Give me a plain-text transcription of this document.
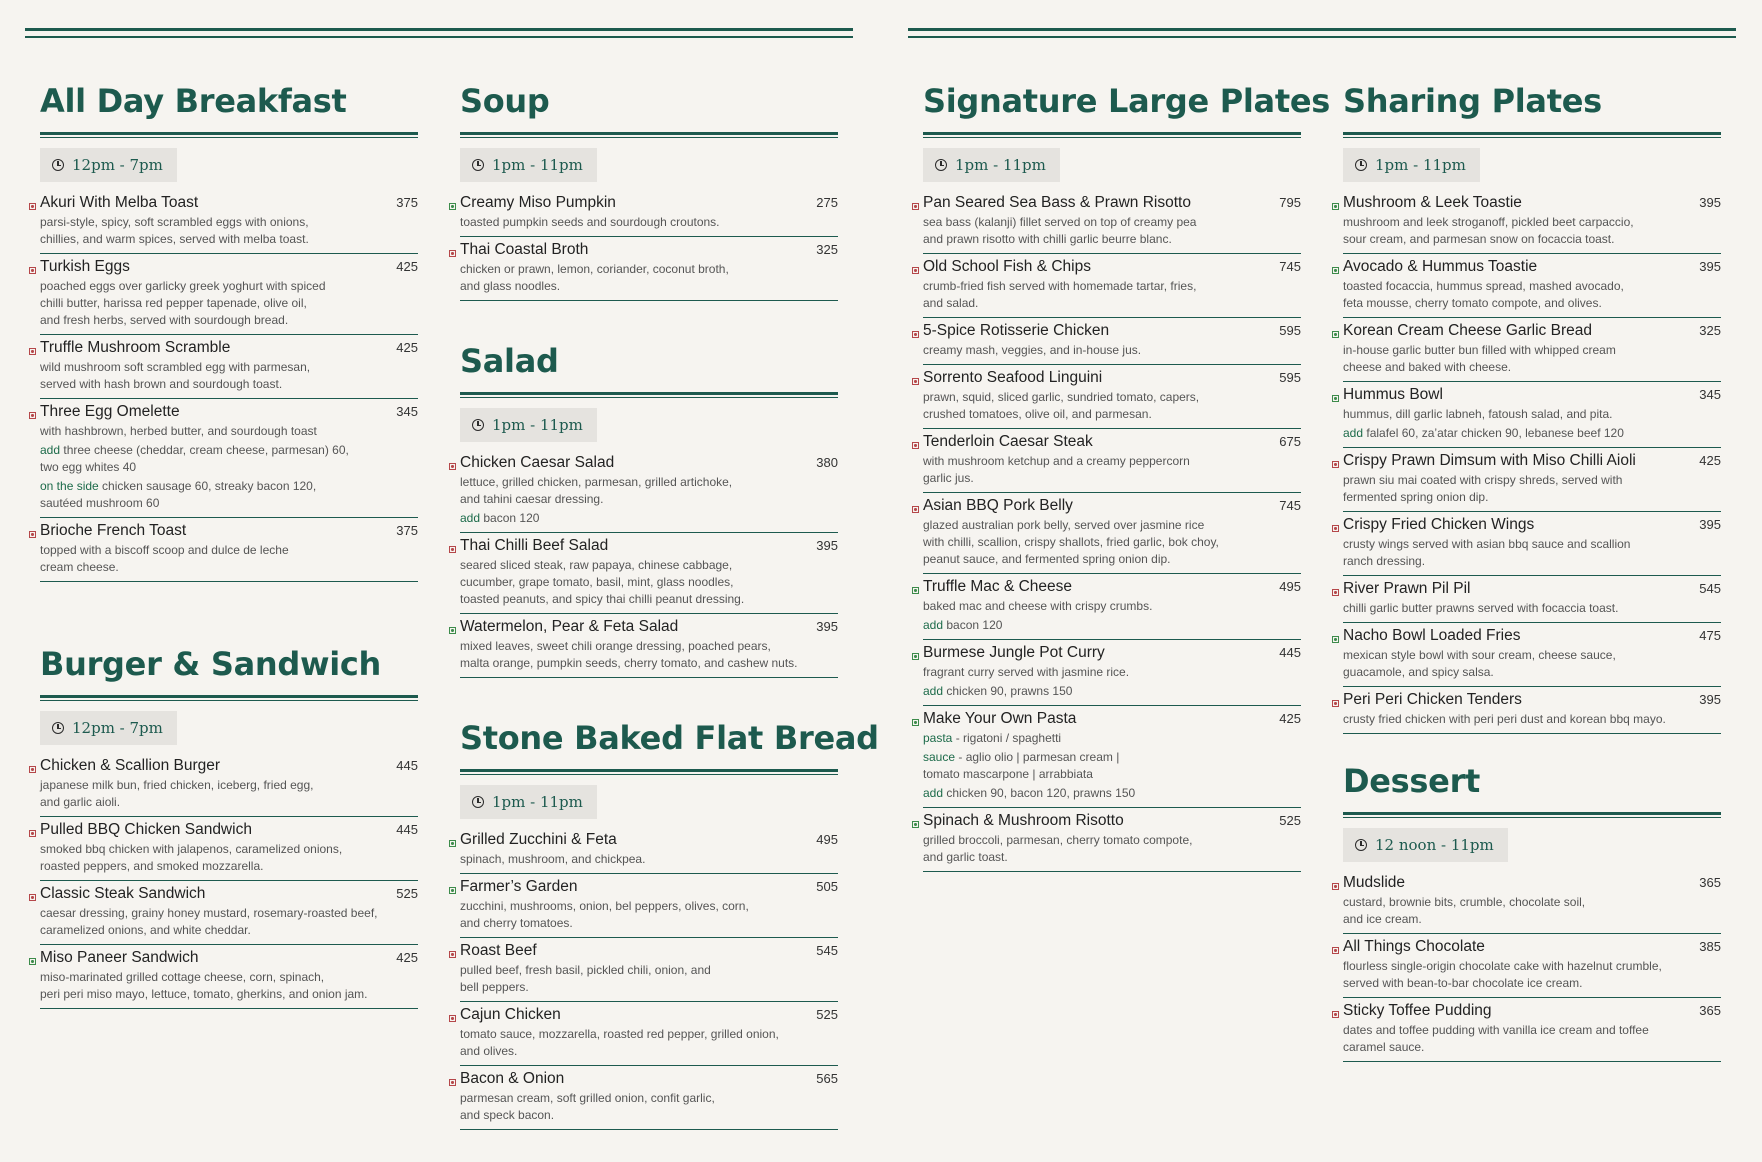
All Day Breakfast
12pm - 7pm
Akuri With Melba Toast	375
parsi-style, spicy, soft scrambled eggs with onions,
chillies, and warm spices, served with melba toast.
Turkish Eggs	425
poached eggs over garlicky greek yoghurt with spiced
chilli butter, harissa red pepper tapenade, olive oil,
and fresh herbs, served with sourdough bread.
Truffle Mushroom Scramble	425
wild mushroom soft scrambled egg with parmesan,
served with hash brown and sourdough toast.
Three Egg Omelette	345
with hashbrown, herbed butter, and sourdough toast
add three cheese (cheddar, cream cheese, parmesan) 60,
two egg whites 40
on the side chicken sausage 60, streaky bacon 120,
sautéed mushroom 60
Brioche French Toast	375
topped with a biscoff scoop and dulce de leche
cream cheese.
Burger & Sandwich
12pm - 7pm
Chicken & Scallion Burger	445
japanese milk bun, fried chicken, iceberg, fried egg,
and garlic aioli.
Pulled BBQ Chicken Sandwich	445
smoked bbq chicken with jalapenos, caramelized onions,
roasted peppers, and smoked mozzarella.
Classic Steak Sandwich	525
caesar dressing, grainy honey mustard, rosemary-roasted beef,
caramelized onions, and white cheddar.
Miso Paneer Sandwich	425
miso-marinated grilled cottage cheese, corn, spinach,
peri peri miso mayo, lettuce, tomato, gherkins, and onion jam.
Soup
1pm - 11pm
Creamy Miso Pumpkin	275
toasted pumpkin seeds and sourdough croutons.
Thai Coastal Broth	325
chicken or prawn, lemon, coriander, coconut broth,
and glass noodles.
Salad
1pm - 11pm
Chicken Caesar Salad	380
lettuce, grilled chicken, parmesan, grilled artichoke,
and tahini caesar dressing.
add bacon 120
Thai Chilli Beef Salad	395
seared sliced steak, raw papaya, chinese cabbage,
cucumber, grape tomato, basil, mint, glass noodles,
toasted peanuts, and spicy thai chilli peanut dressing.
Watermelon, Pear & Feta Salad	395
mixed leaves, sweet chili orange dressing, poached pears,
malta orange, pumpkin seeds, cherry tomato, and cashew nuts.
Stone Baked Flat Bread
1pm - 11pm
Grilled Zucchini & Feta	495
spinach, mushroom, and chickpea.
Farmer’s Garden	505
zucchini, mushrooms, onion, bel peppers, olives, corn,
and cherry tomatoes.
Roast Beef	545
pulled beef, fresh basil, pickled chili, onion, and
bell peppers.
Cajun Chicken	525
tomato sauce, mozzarella, roasted red pepper, grilled onion,
and olives.
Bacon & Onion	565
parmesan cream, soft grilled onion, confit garlic,
and speck bacon.
Signature Large Plates
1pm - 11pm
Pan Seared Sea Bass & Prawn Risotto	795
sea bass (kalanji) fillet served on top of creamy pea
and prawn risotto with chilli garlic beurre blanc.
Old School Fish & Chips	745
crumb-fried fish served with homemade tartar, fries,
and salad.
5-Spice Rotisserie Chicken	595
creamy mash, veggies, and in-house jus.
Sorrento Seafood Linguini	595
prawn, squid, sliced garlic, sundried tomato, capers,
crushed tomatoes, olive oil, and parmesan.
Tenderloin Caesar Steak	675
with mushroom ketchup and a creamy peppercorn
garlic jus.
Asian BBQ Pork Belly	745
glazed australian pork belly, served over jasmine rice
with chilli, scallion, crispy shallots, fried garlic, bok choy,
peanut sauce, and fermented spring onion dip.
Truffle Mac & Cheese	495
baked mac and cheese with crispy crumbs.
add bacon 120
Burmese Jungle Pot Curry	445
fragrant curry served with jasmine rice.
add chicken 90, prawns 150
Make Your Own Pasta	425
pasta - rigatoni / spaghetti
sauce - aglio olio | parmesan cream |
tomato mascarpone | arrabbiata
add chicken 90, bacon 120, prawns 150
Spinach & Mushroom Risotto	525
grilled broccoli, parmesan, cherry tomato compote,
and garlic toast.
Sharing Plates
1pm - 11pm
Mushroom & Leek Toastie	395
mushroom and leek stroganoff, pickled beet carpaccio,
sour cream, and parmesan snow on focaccia toast.
Avocado & Hummus Toastie	395
toasted focaccia, hummus spread, mashed avocado,
feta mousse, cherry tomato compote, and olives.
Korean Cream Cheese Garlic Bread	325
in-house garlic butter bun filled with whipped cream
cheese and baked with cheese.
Hummus Bowl	345
hummus, dill garlic labneh, fatoush salad, and pita.
add falafel 60, za’atar chicken 90, lebanese beef 120
Crispy Prawn Dimsum with Miso Chilli Aioli	425
prawn siu mai coated with crispy shreds, served with
fermented spring onion dip.
Crispy Fried Chicken Wings	395
crusty wings served with asian bbq sauce and scallion
ranch dressing.
River Prawn Pil Pil	545
chilli garlic butter prawns served with focaccia toast.
Nacho Bowl Loaded Fries	475
mexican style bowl with sour cream, cheese sauce,
guacamole, and spicy salsa.
Peri Peri Chicken Tenders	395
crusty fried chicken with peri peri dust and korean bbq mayo.
Dessert
12 noon - 11pm
Mudslide	365
custard, brownie bits, crumble, chocolate soil,
and ice cream.
All Things Chocolate	385
flourless single-origin chocolate cake with hazelnut crumble,
served with bean-to-bar chocolate ice cream.
Sticky Toffee Pudding	365
dates and toffee pudding with vanilla ice cream and toffee
caramel sauce.
